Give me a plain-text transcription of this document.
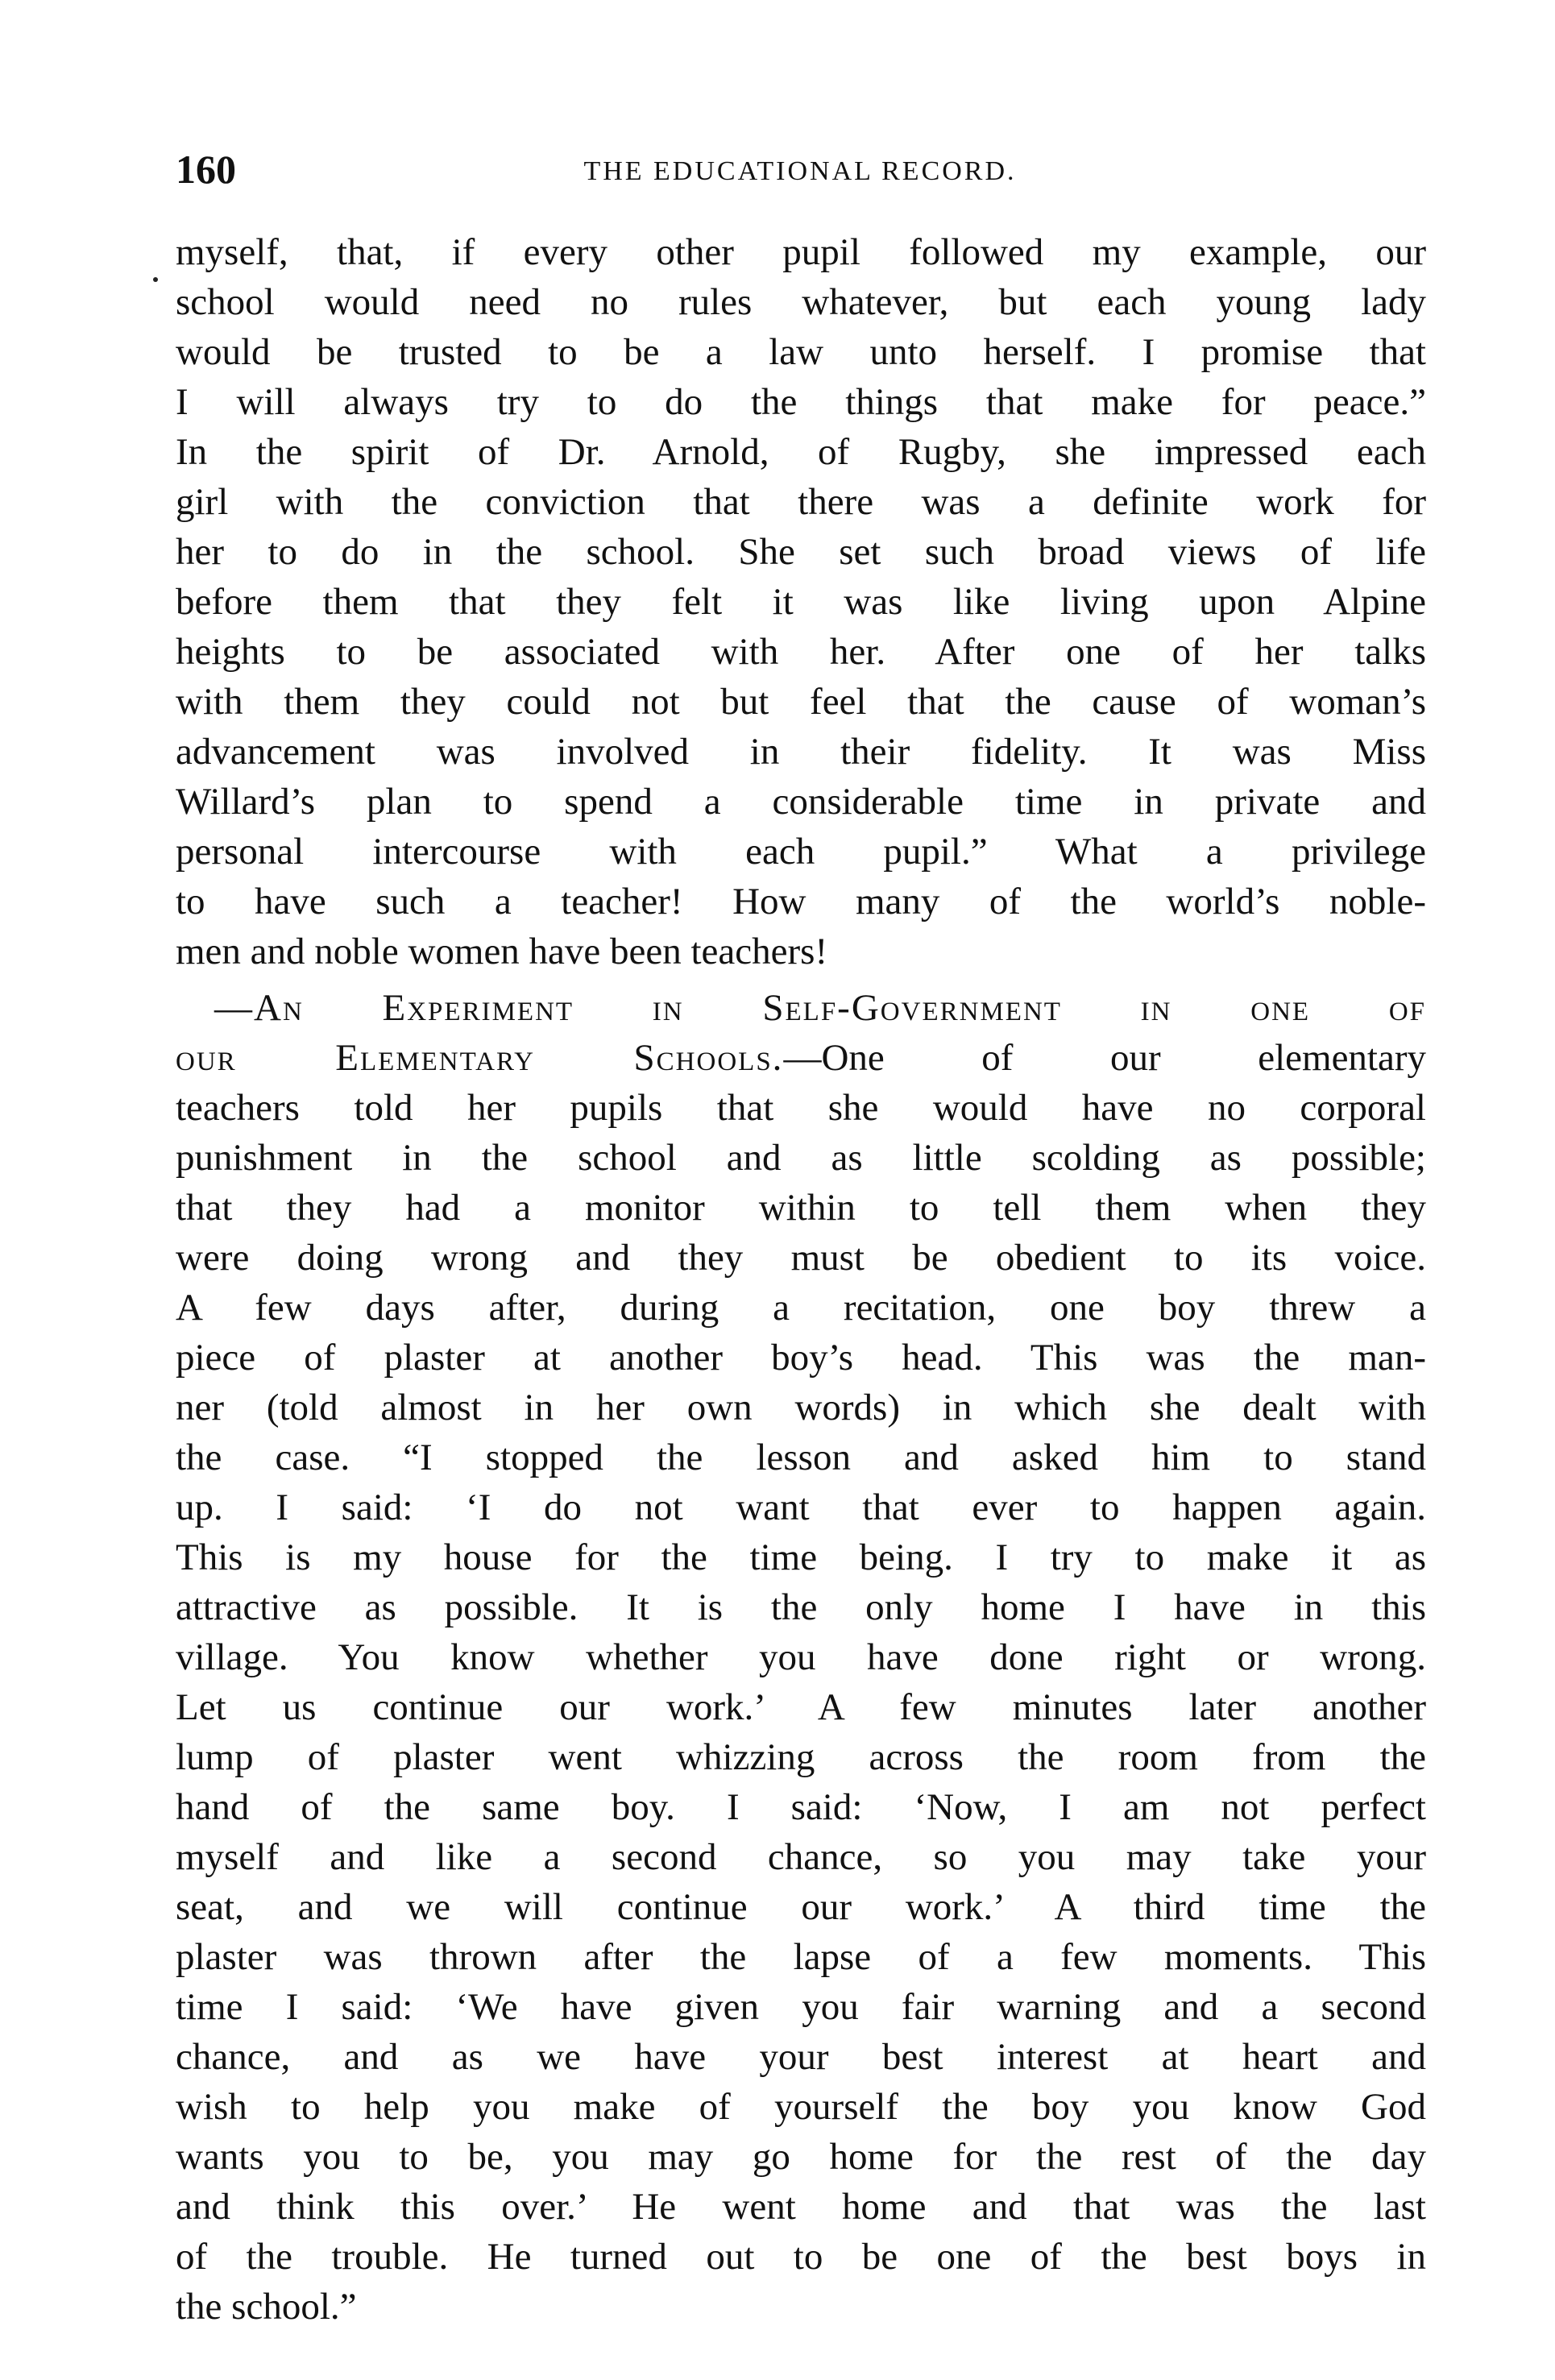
160	THE EDUCATIONAL RECORD.
myself, that, if every other pupil followed my example, our
school would need no rules whatever, but each young lady
would be trusted to be a law unto herself. I promise that
I will always try to do the things that make for peace.”
In the spirit of Dr. Arnold, of Rugby, she impressed each
girl with the conviction that there was a definite work for
her to do in the school. She set such broad views of life
before them that they felt it was like living upon Alpine
heights to be associated with her. After one of her talks
with them they could not but feel that the cause of woman’s
advancement was involved in their fidelity. It was Miss
Willard’s plan to spend a considerable time in private and
personal intercourse with each pupil.” What a privilege
to have such a teacher! How many of the world’s noble-
men and noble women have been teachers!
—An Experiment in Self-Government in one of
our Elementary Schools.—One of our elementary
teachers told her pupils that she would have no corporal
punishment in the school and as little scolding as possible;
that they had a monitor within to tell them when they
were doing wrong and they must be obedient to its voice.
A few days after, during a recitation, one boy threw a
piece of plaster at another boy’s head. This was the man-
ner (told almost in her own words) in which she dealt with
the case. “I stopped the lesson and asked him to stand
up. I said: ‘I do not want that ever to happen again.
This is my house for the time being. I try to make it as
attractive as possible. It is the only home I have in this
village. You know whether you have done right or wrong.
Let us continue our work.’ A few minutes later another
lump of plaster went whizzing across the room from the
hand of the same boy. I said: ‘Now, I am not perfect
myself and like a second chance, so you may take your
seat, and we will continue our work.’ A third time the
plaster was thrown after the lapse of a few moments. This
time I said: ‘We have given you fair warning and a second
chance, and as we have your best interest at heart and
wish to help you make of yourself the boy you know God
wants you to be, you may go home for the rest of the day
and think this over.’ He went home and that was the last
of the trouble. He turned out to be one of the best boys in
the school.”
